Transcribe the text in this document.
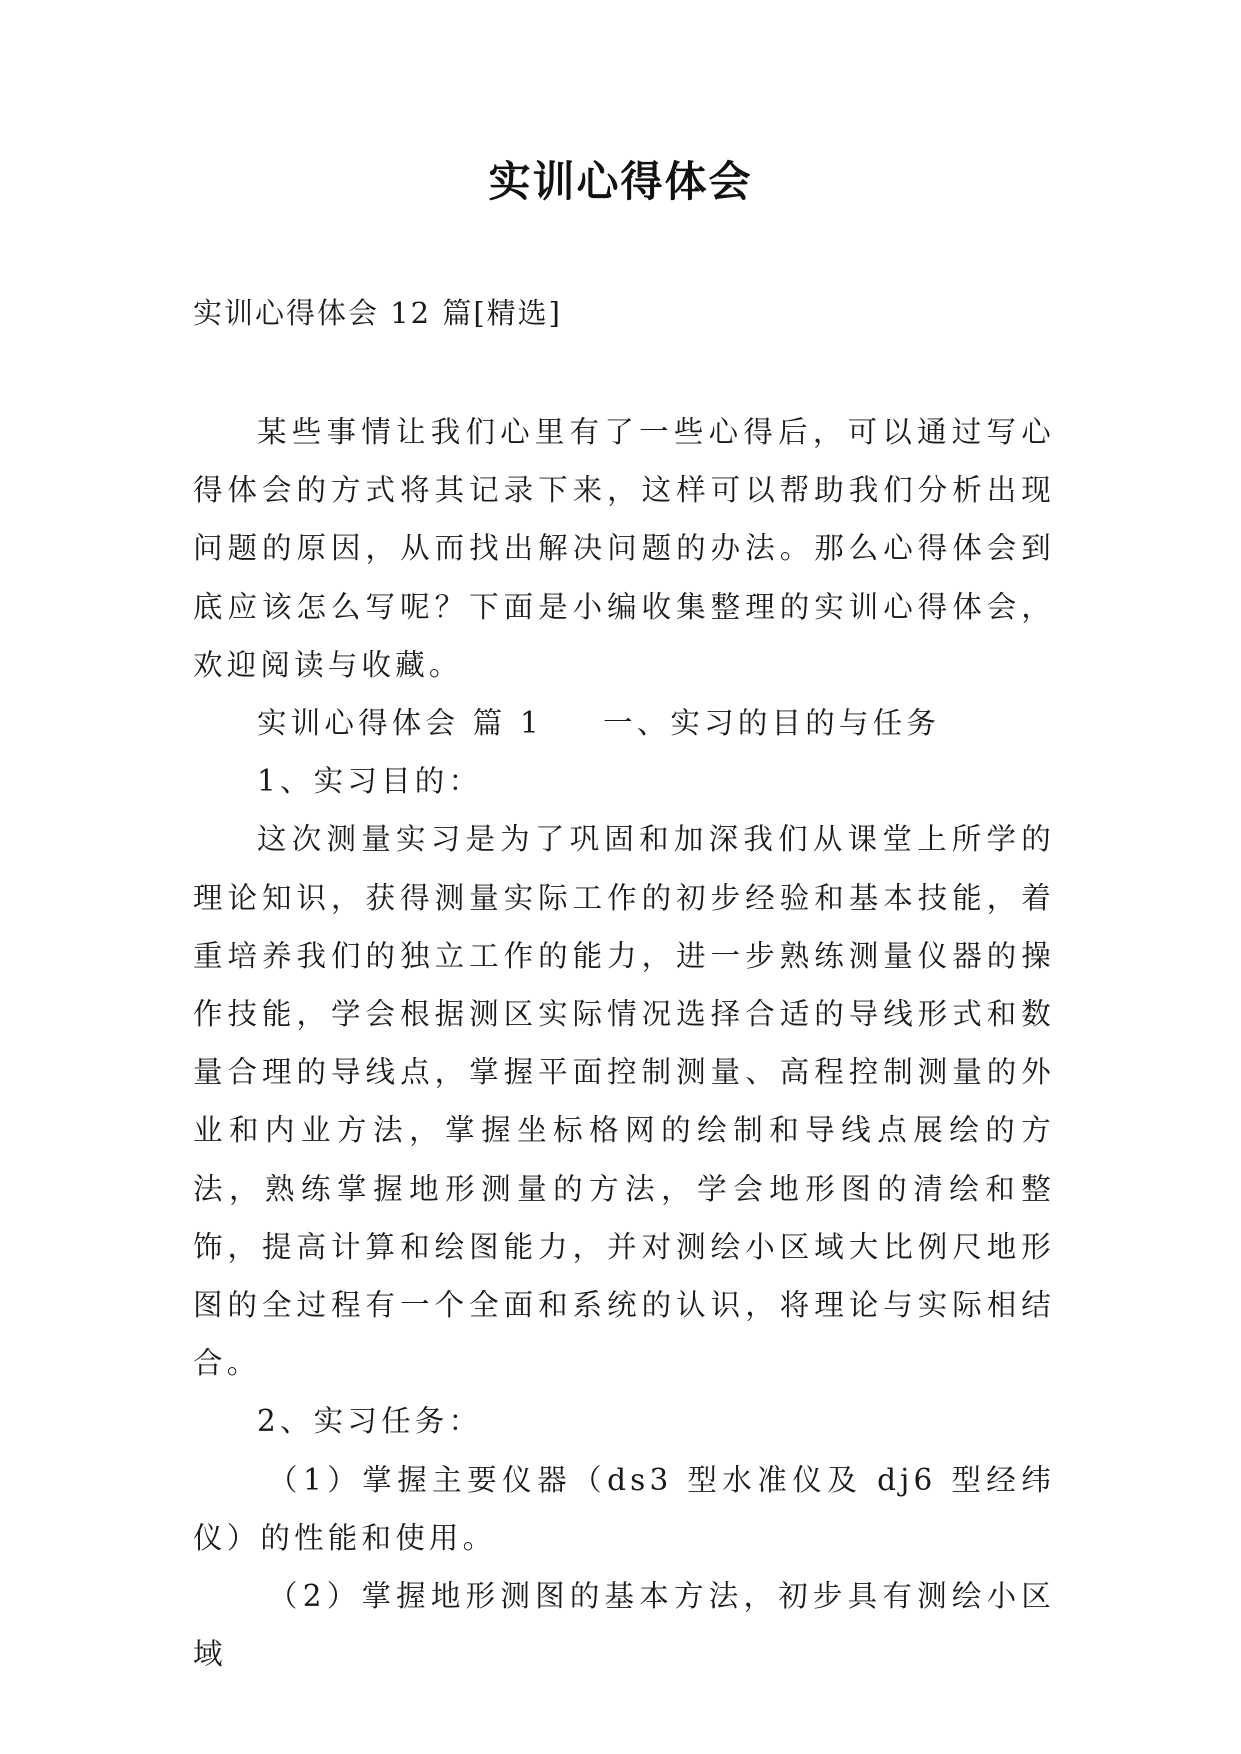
实训心得体会
实训心得体会 12 篇[精选]

某些事情让我们心里有了一些心得后，可以通过写心得体会的方式将其记录下来，这样可以帮助我们分析出现问题的原因，从而找出解决问题的办法。那么心得体会到底应该怎么写呢？下面是小编收集整理的实训心得体会，欢迎阅读与收藏。

实训心得体会 篇 1 一、实习的目的与任务

1、实习目的：

这次测量实习是为了巩固和加深我们从课堂上所学的理论知识，获得测量实际工作的初步经验和基本技能，着重培养我们的独立工作的能力，进一步熟练测量仪器的操作技能，学会根据测区实际情况选择合适的导线形式和数量合理的导线点，掌握平面控制测量、高程控制测量的外业和内业方法，掌握坐标格网的绘制和导线点展绘的方法，熟练掌握地形测量的方法，学会地形图的清绘和整饰，提高计算和绘图能力，并对测绘小区域大比例尺地形图的全过程有一个全面和系统的认识，将理论与实际相结合。

2、实习任务：

（1）掌握主要仪器（ds3 型水准仪及 dj6 型经纬仪）的性能和使用。

（2）掌握地形测图的基本方法，初步具有测绘小区域
